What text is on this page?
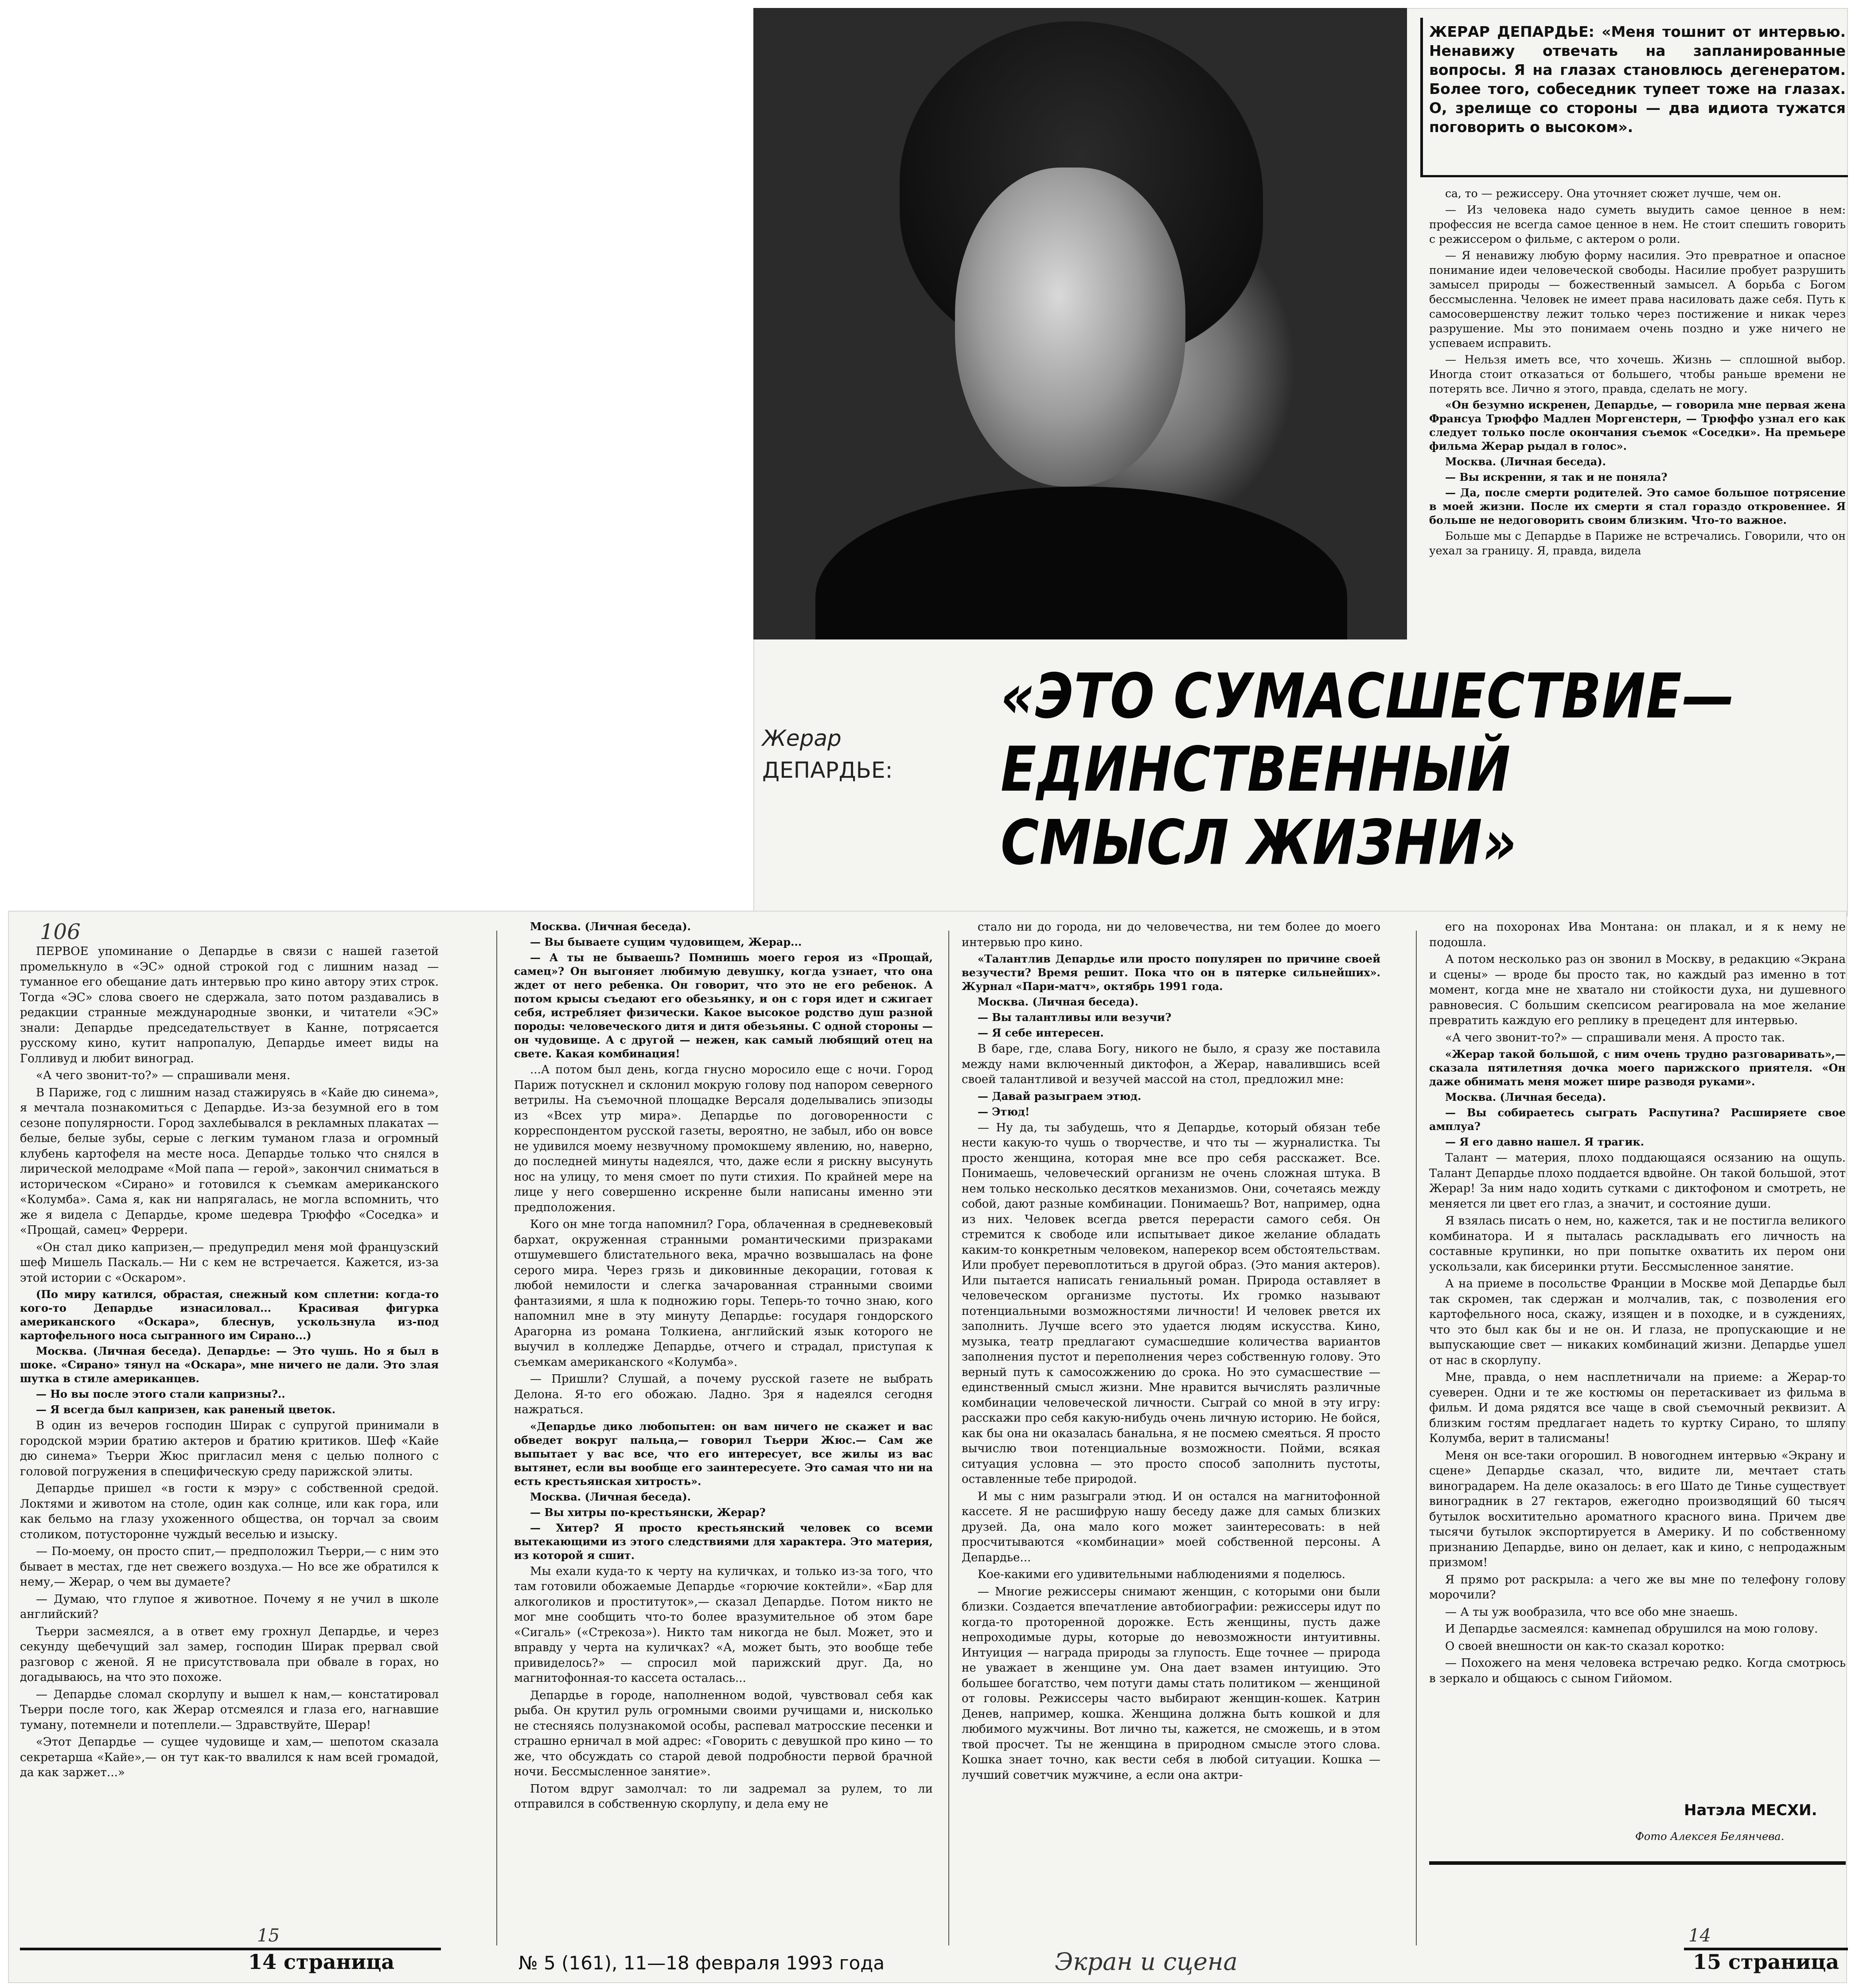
ЖЕРАР ДЕПАРДЬЕ: «Меня тошнит от интервью. Ненавижу отвечать на запланированные вопросы. Я на глазах становлюсь дегенератом. Более того, собеседник тупеет тоже на глазах. О, зрелище со стороны — два идиота тужатся поговорить о высоком».

са, то — режиссеру. Она уточняет сюжет лучше, чем он.

— Из человека надо суметь выудить самое ценное в нем: профессия не всегда самое ценное в нем. Не стоит спешить говорить с режиссером о фильме, с актером о роли.

— Я ненавижу любую форму насилия. Это превратное и опасное понимание идеи человеческой свободы. Насилие пробует разрушить замысел природы — божественный замысел. А борьба с Богом бессмысленна. Человек не имеет права насиловать даже себя. Путь к самосовершенству лежит только через постижение и никак через разрушение. Мы это понимаем очень поздно и уже ничего не успеваем исправить.

— Нельзя иметь все, что хочешь. Жизнь — сплошной выбор. Иногда стоит отказаться от большего, чтобы раньше времени не потерять все. Лично я этого, правда, сделать не могу.

«Он безумно искренен, Депардье, — говорила мне первая жена Франсуа Трюффо Мадлен Моргенстерн, — Трюффо узнал его как следует только после окончания съемок «Соседки». На премьере фильма Жерар рыдал в голос».

Москва. (Личная беседа).

— Вы искренни, я так и не поняла?

— Да, после смерти родителей. Это самое большое потрясение в моей жизни. После их смерти я стал гораздо откровеннее. Я больше не недоговорить своим близким. Что-то важное.

Больше мы с Депардье в Париже не встречались. Говорили, что он уехал за границу. Я, правда, видела

Жерар
ДЕПАРДЬЕ:
«ЭТО СУМАСШЕСТВИЕ—
ЕДИНСТВЕННЫЙ
СМЫСЛ ЖИЗНИ»
106

ПЕРВОЕ упоминание о Депардье в связи с нашей газетой промелькнуло в «ЭС» одной строкой год с лишним назад — туманное его обещание дать интервью про кино автору этих строк. Тогда «ЭС» слова своего не сдержала, зато потом раздавались в редакции странные международные звонки, и читатели «ЭС» знали: Депардье председательствует в Канне, потрясается русскому кино, кутит напропалую, Депардье имеет виды на Голливуд и любит виноград.

«А чего звонит-то?» — спрашивали меня.

В Париже, год с лишним назад стажируясь в «Кайе дю синема», я мечтала познакомиться с Депардье. Из-за безумной его в том сезоне популярности. Город захлебывался в рекламных плакатах — белые, белые зубы, серые с легким туманом глаза и огромный клубень картофеля на месте носа. Депардье только что снялся в лирической мелодраме «Мой папа — герой», закончил сниматься в историческом «Сирано» и готовился к съемкам американского «Колумба». Сама я, как ни напрягалась, не могла вспомнить, что же я видела с Депардье, кроме шедевра Трюффо «Соседка» и «Прощай, самец» Феррери.

«Он стал дико капризен,— предупредил меня мой французский шеф Мишель Паскаль.— Ни с кем не встречается. Кажется, из-за этой истории с «Оскаром».

(По миру катился, обрастая, снежный ком сплетни: когда-то кого-то Депардье изнасиловал... Красивая фигурка американского «Оскара», блеснув, ускользнула из-под картофельного носа сыгранного им Сирано...)

Москва. (Личная беседа). Депардье: — Это чушь. Но я был в шоке. «Сирано» тянул на «Оскара», мне ничего не дали. Это злая шутка в стиле американцев.

— Но вы после этого стали капризны?..

— Я всегда был капризен, как раненый цветок.

В один из вечеров господин Ширак с супругой принимали в городской мэрии братию актеров и братию критиков. Шеф «Кайе дю синема» Тьерри Жюс пригласил меня с целью полного с головой погружения в специфическую среду парижской элиты.

Депардье пришел «в гости к мэру» с собственной средой. Локтями и животом на столе, один как солнце, или как гора, или как бельмо на глазу ухоженного общества, он торчал за своим столиком, потусторонне чуждый веселью и изыску.

— По-моему, он просто спит,— предположил Тьерри,— с ним это бывает в местах, где нет свежего воздуха.— Но все же обратился к нему,— Жерар, о чем вы думаете?

— Думаю, что глупое я животное. Почему я не учил в школе английский?

Тьерри засмеялся, а в ответ ему грохнул Депардье, и через секунду щебечущий зал замер, господин Ширак прервал свой разговор с женой. Я не присутствовала при обвале в горах, но догадываюсь, на что это похоже.

— Депардье сломал скорлупу и вышел к нам,— констатировал Тьерри после того, как Жерар отсмеялся и глаза его, нагнавшие туману, потемнели и потеплели.— Здравствуйте, Шерар!

«Этот Депардье — сущее чудовище и хам,— шепотом сказала секретарша «Кайе»,— он тут как-то ввалился к нам всей громадой, да как заржет...»

Москва. (Личная беседа).

— Вы бываете сущим чудовищем, Жерар...

— А ты не бываешь? Помнишь моего героя из «Прощай, самец»? Он выгоняет любимую девушку, когда узнает, что она ждет от него ребенка. Он говорит, что это не его ребенок. А потом крысы съедают его обезьянку, и он с горя идет и сжигает себя, истребляет физически. Какое высокое родство душ разной породы: человеческого дитя и дитя обезьяны. С одной стороны — он чудовище. А с другой — нежен, как самый любящий отец на свете. Какая комбинация!

...А потом был день, когда гнусно моросило еще с ночи. Город Париж потускнел и склонил мокрую голову под напором северного ветрилы. На съемочной площадке Версаля доделывались эпизоды из «Всех утр мира». Депардье по договоренности с корреспондентом русской газеты, вероятно, не забыл, ибо он вовсе не удивился моему незвучному промокшему явлению, но, наверно, до последней минуты надеялся, что, даже если я рискну высунуть нос на улицу, то меня смоет по пути стихия. По крайней мере на лице у него совершенно искренне были написаны именно эти предположения.

Кого он мне тогда напомнил? Гора, облаченная в средневековый бархат, окруженная странными романтическими призраками отшумевшего блистательного века, мрачно возвышалась на фоне серого мира. Через грязь и диковинные декорации, готовая к любой немилости и слегка зачарованная странными своими фантазиями, я шла к подножию горы. Теперь-то точно знаю, кого напомнил мне в эту минуту Депардье: государя гондорского Арагорна из романа Толкиена, английский язык которого не выучил в колледже Депардье, отчего и страдал, приступая к съемкам американского «Колумба».

— Пришли? Слушай, а почему русской газете не выбрать Делона. Я-то его обожаю. Ладно. Зря я надеялся сегодня нажраться.

«Депардье дико любопытен: он вам ничего не скажет и вас обведет вокруг пальца,— говорил Тьерри Жюс.— Сам же выпытает у вас все, что его интересует, все жилы из вас вытянет, если вы вообще его заинтересуете. Это самая что ни на есть крестьянская хитрость».

Москва. (Личная беседа).

— Вы хитры по-крестьянски, Жерар?

— Хитер? Я просто крестьянский человек со всеми вытекающими из этого следствиями для характера. Это материя, из которой я сшит.

Мы ехали куда-то к черту на куличках, и только из-за того, что там готовили обожаемые Депардье «горючие коктейли». «Бар для алкоголиков и проституток»,— сказал Депардье. Потом никто не мог мне сообщить что-то более вразумительное об этом баре «Сигаль» («Стрекоза»). Никто там никогда не был. Может, это и вправду у черта на куличках? «А, может быть, это вообще тебе привиделось?» — спросил мой парижский друг. Да, но магнитофонная-то кассета осталась...

Депардье в городе, наполненном водой, чувствовал себя как рыба. Он крутил руль огромными своими ручищами и, нисколько не стесняясь полузнакомой особы, распевал матросские песенки и страшно ерничал в мой адрес: «Говорить с девушкой про кино — то же, что обсуждать со старой девой подробности первой брачной ночи. Бессмысленное занятие».

Потом вдруг замолчал: то ли задремал за рулем, то ли отправился в собственную скорлупу, и дела ему не

стало ни до города, ни до человечества, ни тем более до моего интервью про кино.

«Талантлив Депардье или просто популярен по причине своей везучести? Время решит. Пока что он в пятерке сильнейших». Журнал «Пари-матч», октябрь 1991 года.

Москва. (Личная беседа).

— Вы талантливы или везучи?

— Я себе интересен.

В баре, где, слава Богу, никого не было, я сразу же поставила между нами включенный диктофон, а Жерар, навалившись всей своей талантливой и везучей массой на стол, предложил мне:

— Давай разыграем этюд.

— Этюд!

— Ну да, ты забудешь, что я Депардье, который обязан тебе нести какую-то чушь о творчестве, и что ты — журналистка. Ты просто женщина, которая мне все про себя расскажет. Все. Понимаешь, человеческий организм не очень сложная штука. В нем только несколько десятков механизмов. Они, сочетаясь между собой, дают разные комбинации. Понимаешь? Вот, например, одна из них. Человек всегда рвется перерасти самого себя. Он стремится к свободе или испытывает дикое желание обладать каким-то конкретным человеком, наперекор всем обстоятельствам. Или пробует перевоплотиться в другой образ. (Это мания актеров). Или пытается написать гениальный роман. Природа оставляет в человеческом организме пустоты. Их громко называют потенциальными возможностями личности! И человек рвется их заполнить. Лучше всего это удается людям искусства. Кино, музыка, театр предлагают сумасшедшие количества вариантов заполнения пустот и переполнения через собственную голову. Это верный путь к самосожжению до срока. Но это сумасшествие — единственный смысл жизни. Мне нравится вычислять различные комбинации человеческой личности. Сыграй со мной в эту игру: расскажи про себя какую-нибудь очень личную историю. Не бойся, как бы она ни оказалась банальна, я не посмею смеяться. Я просто вычислю твои потенциальные возможности. Пойми, всякая ситуация условна — это просто способ заполнить пустоты, оставленные тебе природой.

И мы с ним разыграли этюд. И он остался на магнитофонной кассете. Я не расшифрую нашу беседу даже для самых близких друзей. Да, она мало кого может заинтересовать: в ней просчитываются «комбинации» моей собственной персоны. А Депардье...

Кое-какими его удивительными наблюдениями я поделюсь.

— Многие режиссеры снимают женщин, с которыми они были близки. Создается впечатление автобиографии: режиссеры идут по когда-то проторенной дорожке. Есть женщины, пусть даже непроходимые дуры, которые до невозможности интуитивны. Интуиция — награда природы за глупость. Еще точнее — природа не уважает в женщине ум. Она дает взамен интуицию. Это большее богатство, чем потуги дамы стать политиком — женщиной от головы. Режиссеры часто выбирают женщин-кошек. Катрин Денев, например, кошка. Женщина должна быть кошкой и для любимого мужчины. Вот лично ты, кажется, не сможешь, и в этом твой просчет. Ты не женщина в природном смысле этого слова. Кошка знает точно, как вести себя в любой ситуации. Кошка — лучший советчик мужчине, а если она актри-

его на похоронах Ива Монтана: он плакал, и я к нему не подошла.

А потом несколько раз он звонил в Москву, в редакцию «Экрана и сцены» — вроде бы просто так, но каждый раз именно в тот момент, когда мне не хватало ни стойкости духа, ни душевного равновесия. С большим скепсисом реагировала на мое желание превратить каждую его реплику в прецедент для интервью.

«А чего звонит-то?» — спрашивали меня. А просто так.

«Жерар такой большой, с ним очень трудно разговаривать»,— сказала пятилетняя дочка моего парижского приятеля. «Он даже обнимать меня может шире разводя руками».

Москва. (Личная беседа).

— Вы собираетесь сыграть Распутина? Расширяете свое амплуа?

— Я его давно нашел. Я трагик.

Талант — материя, плохо поддающаяся осязанию на ощупь. Талант Депардье плохо поддается вдвойне. Он такой большой, этот Жерар! За ним надо ходить сутками с диктофоном и смотреть, не меняется ли цвет его глаз, а значит, и состояние души.

Я взялась писать о нем, но, кажется, так и не постигла великого комбинатора. И я пыталась раскладывать его личность на составные крупинки, но при попытке охватить их пером они ускользали, как бисеринки ртути. Бессмысленное занятие.

А на приеме в посольстве Франции в Москве мой Депардье был так скромен, так сдержан и молчалив, так, с позволения его картофельного носа, скажу, изящен и в походке, и в суждениях, что это был как бы и не он. И глаза, не пропускающие и не выпускающие свет — никаких комбинаций жизни. Депардье ушел от нас в скорлупу.

Мне, правда, о нем насплетничали на приеме: а Жерар-то суеверен. Одни и те же костюмы он перетаскивает из фильма в фильм. И дома рядятся все чаще в свой съемочный реквизит. А близким гостям предлагает надеть то куртку Сирано, то шляпу Колумба, верит в талисманы!

Меня он все-таки огорошил. В новогоднем интервью «Экрану и сцене» Депардье сказал, что, видите ли, мечтает стать виноградарем. На деле оказалось: в его Шато де Тинье существует виноградник в 27 гектаров, ежегодно производящий 60 тысяч бутылок восхитительно ароматного красного вина. Причем две тысячи бутылок экспортируется в Америку. И по собственному признанию Депардье, вино он делает, как и кино, с непродажным призмом!

Я прямо рот раскрыла: а чего же вы мне по телефону голову морочили?

— А ты уж вообразила, что все обо мне знаешь.

И Депардье засмеялся: камнепад обрушился на мою голову.

О своей внешности он как-то сказал коротко:

— Похожего на меня человека встречаю редко. Когда смотрюсь в зеркало и общаюсь с сыном Гийомом.

Натэла МЕСХИ.
Фото Алексея Белянчева.
14 страница
15
№ 5 (161), 11—18 февраля 1993 года	Экран и сцена	15 страница
14
